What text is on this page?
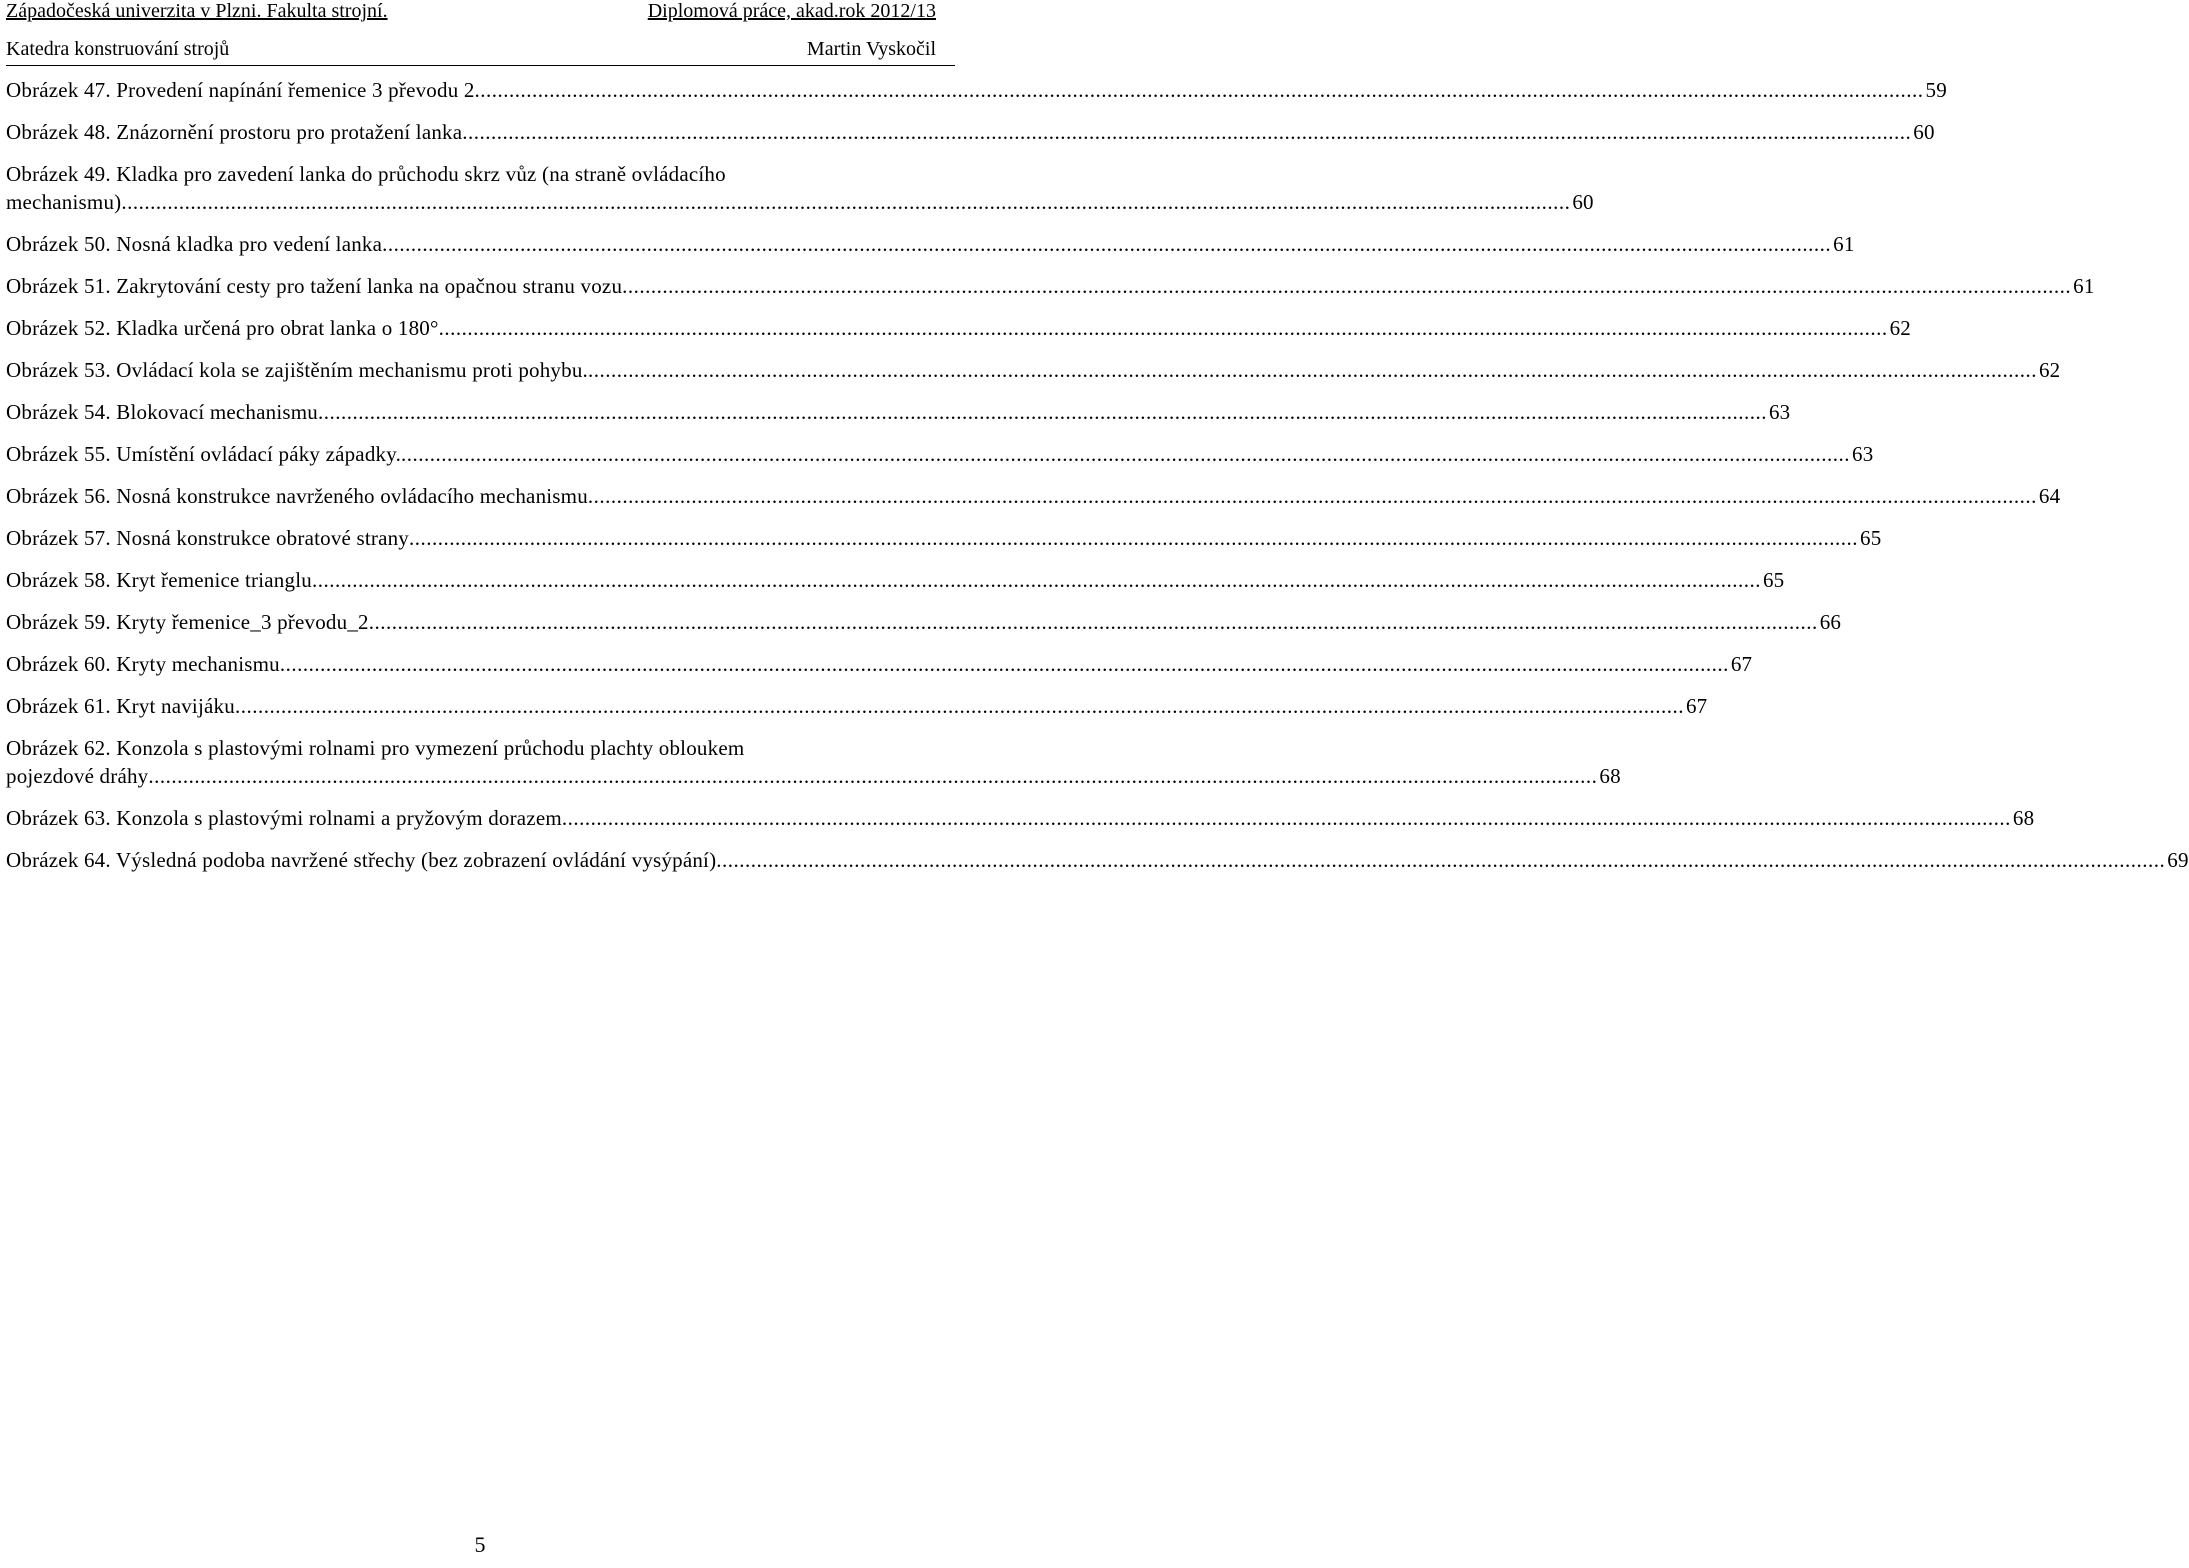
Západočeská univerzita v Plzni. Fakulta strojní.	Diplomová práce, akad.rok 2012/13
Katedra konstruování strojů	Martin Vyskočil
Obrázek 47. Provedení napínání řemenice 3 převodu 2 .....	59
Obrázek 48. Znázornění prostoru pro protažení lanka .....	60
Obrázek 49. Kladka pro zavedení lanka do průchodu skrz vůz (na straně ovládacího
mechanismu) .....	60
Obrázek 50. Nosná kladka pro vedení lanka .....	61
Obrázek 51. Zakrytování cesty pro tažení lanka na opačnou stranu vozu .....	61
Obrázek 52. Kladka určená pro obrat lanka o 180° .....	62
Obrázek 53. Ovládací kola se zajištěním mechanismu proti pohybu. .....	62
Obrázek 54. Blokovací mechanismu .....	63
Obrázek 55. Umístění ovládací páky západky. .....	63
Obrázek 56. Nosná konstrukce navrženého ovládacího mechanismu .....	64
Obrázek 57. Nosná konstrukce obratové strany .....	65
Obrázek 58. Kryt řemenice trianglu .....	65
Obrázek 59. Kryty řemenice_3 převodu_2 .....	66
Obrázek 60. Kryty mechanismu .....	67
Obrázek 61. Kryt navijáku .....	67
Obrázek 62. Konzola s plastovými rolnami pro vymezení průchodu plachty obloukem
pojezdové dráhy .....	68
Obrázek 63. Konzola s plastovými rolnami a pryžovým dorazem .....	68
Obrázek 64. Výsledná podoba navržené střechy (bez zobrazení ovládání vysýpání) .....	69
5
